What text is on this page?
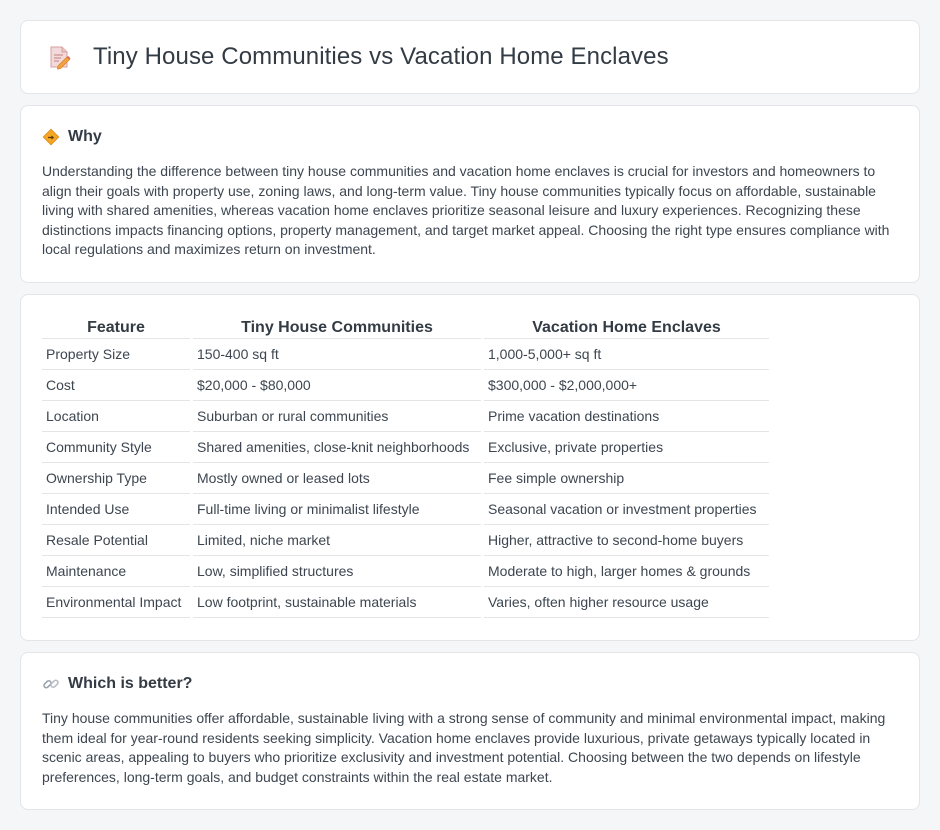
Tiny House Communities vs Vacation Home Enclaves
Why

Understanding the difference between tiny house communities and vacation home enclaves is crucial for investors and homeowners to align their goals with property use, zoning laws, and long-term value. Tiny house communities typically focus on affordable, sustainable living with shared amenities, whereas vacation home enclaves prioritize seasonal leisure and luxury experiences. Recognizing these distinctions impacts financing options, property management, and target market appeal. Choosing the right type ensures compliance with local regulations and maximizes return on investment.

Feature	Tiny House Communities	Vacation Home Enclaves
Property Size	150-400 sq ft	1,000-5,000+ sq ft
Cost	$20,000 - $80,000	$300,000 - $2,000,000+
Location	Suburban or rural communities	Prime vacation destinations
Community Style	Shared amenities, close-knit neighborhoods	Exclusive, private properties
Ownership Type	Mostly owned or leased lots	Fee simple ownership
Intended Use	Full-time living or minimalist lifestyle	Seasonal vacation or investment properties
Resale Potential	Limited, niche market	Higher, attractive to second-home buyers
Maintenance	Low, simplified structures	Moderate to high, larger homes & grounds
Environmental Impact	Low footprint, sustainable materials	Varies, often higher resource usage
Which is better?

Tiny house communities offer affordable, sustainable living with a strong sense of community and minimal environmental impact, making them ideal for year-round residents seeking simplicity. Vacation home enclaves provide luxurious, private getaways typically located in scenic areas, appealing to buyers who prioritize exclusivity and investment potential. Choosing between the two depends on lifestyle preferences, long-term goals, and budget constraints within the real estate market.
